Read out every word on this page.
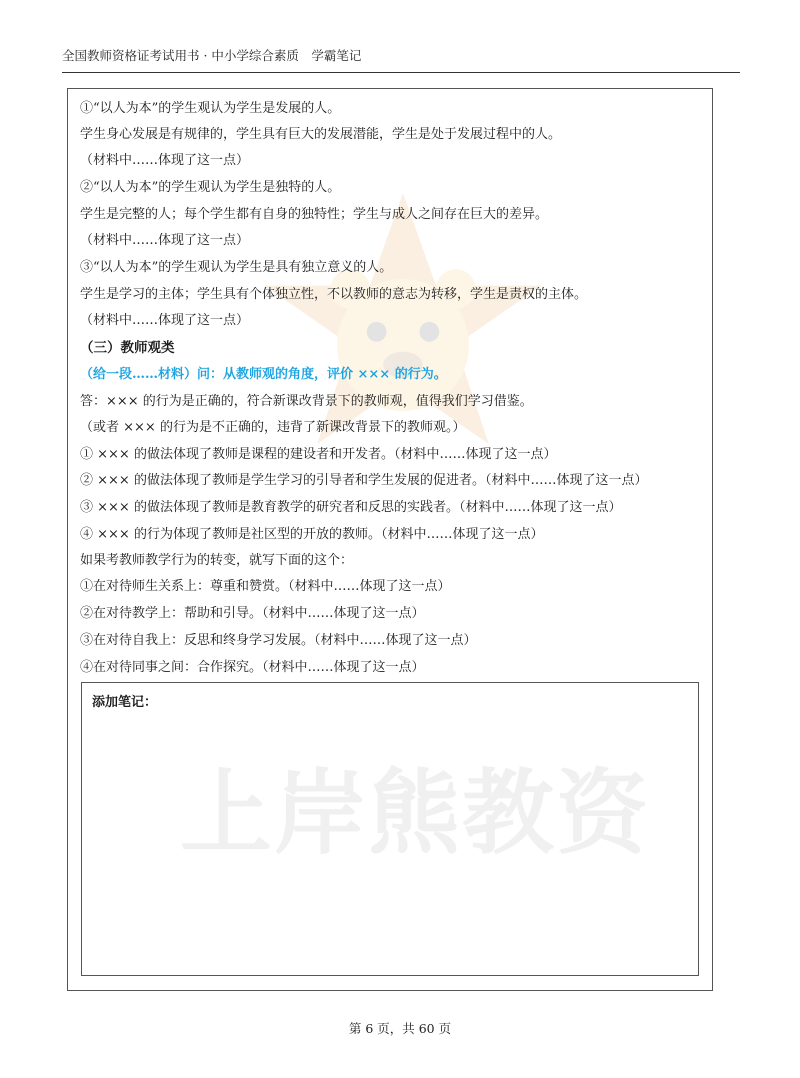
全国教师资格证考试用书 · 中小学综合素质　学霸笔记
①“以人为本”的学生观认为学生是发展的人。
学生身心发展是有规律的，学生具有巨大的发展潜能，学生是处于发展过程中的人。
（材料中……体现了这一点）
②“以人为本”的学生观认为学生是独特的人。
学生是完整的人；每个学生都有自身的独特性；学生与成人之间存在巨大的差异。
（材料中……体现了这一点）
③“以人为本”的学生观认为学生是具有独立意义的人。
学生是学习的主体；学生具有个体独立性，不以教师的意志为转移，学生是责权的主体。
（材料中……体现了这一点）
（三）教师观类
（给一段……材料）问：从教师观的角度，评价 ××× 的行为。
答：××× 的行为是正确的，符合新课改背景下的教师观，值得我们学习借鉴。
（或者 ××× 的行为是不正确的，违背了新课改背景下的教师观。）
① ××× 的做法体现了教师是课程的建设者和开发者。（材料中……体现了这一点）
② ××× 的做法体现了教师是学生学习的引导者和学生发展的促进者。（材料中……体现了这一点）
③ ××× 的做法体现了教师是教育教学的研究者和反思的实践者。（材料中……体现了这一点）
④ ××× 的行为体现了教师是社区型的开放的教师。（材料中……体现了这一点）
如果考教师教学行为的转变，就写下面的这个：
①在对待师生关系上：尊重和赞赏。（材料中……体现了这一点）
②在对待教学上：帮助和引导。（材料中……体现了这一点）
③在对待自我上：反思和终身学习发展。（材料中……体现了这一点）
④在对待同事之间：合作探究。（材料中……体现了这一点）
添加笔记：
上岸熊教资
第 6 页，共 60 页
